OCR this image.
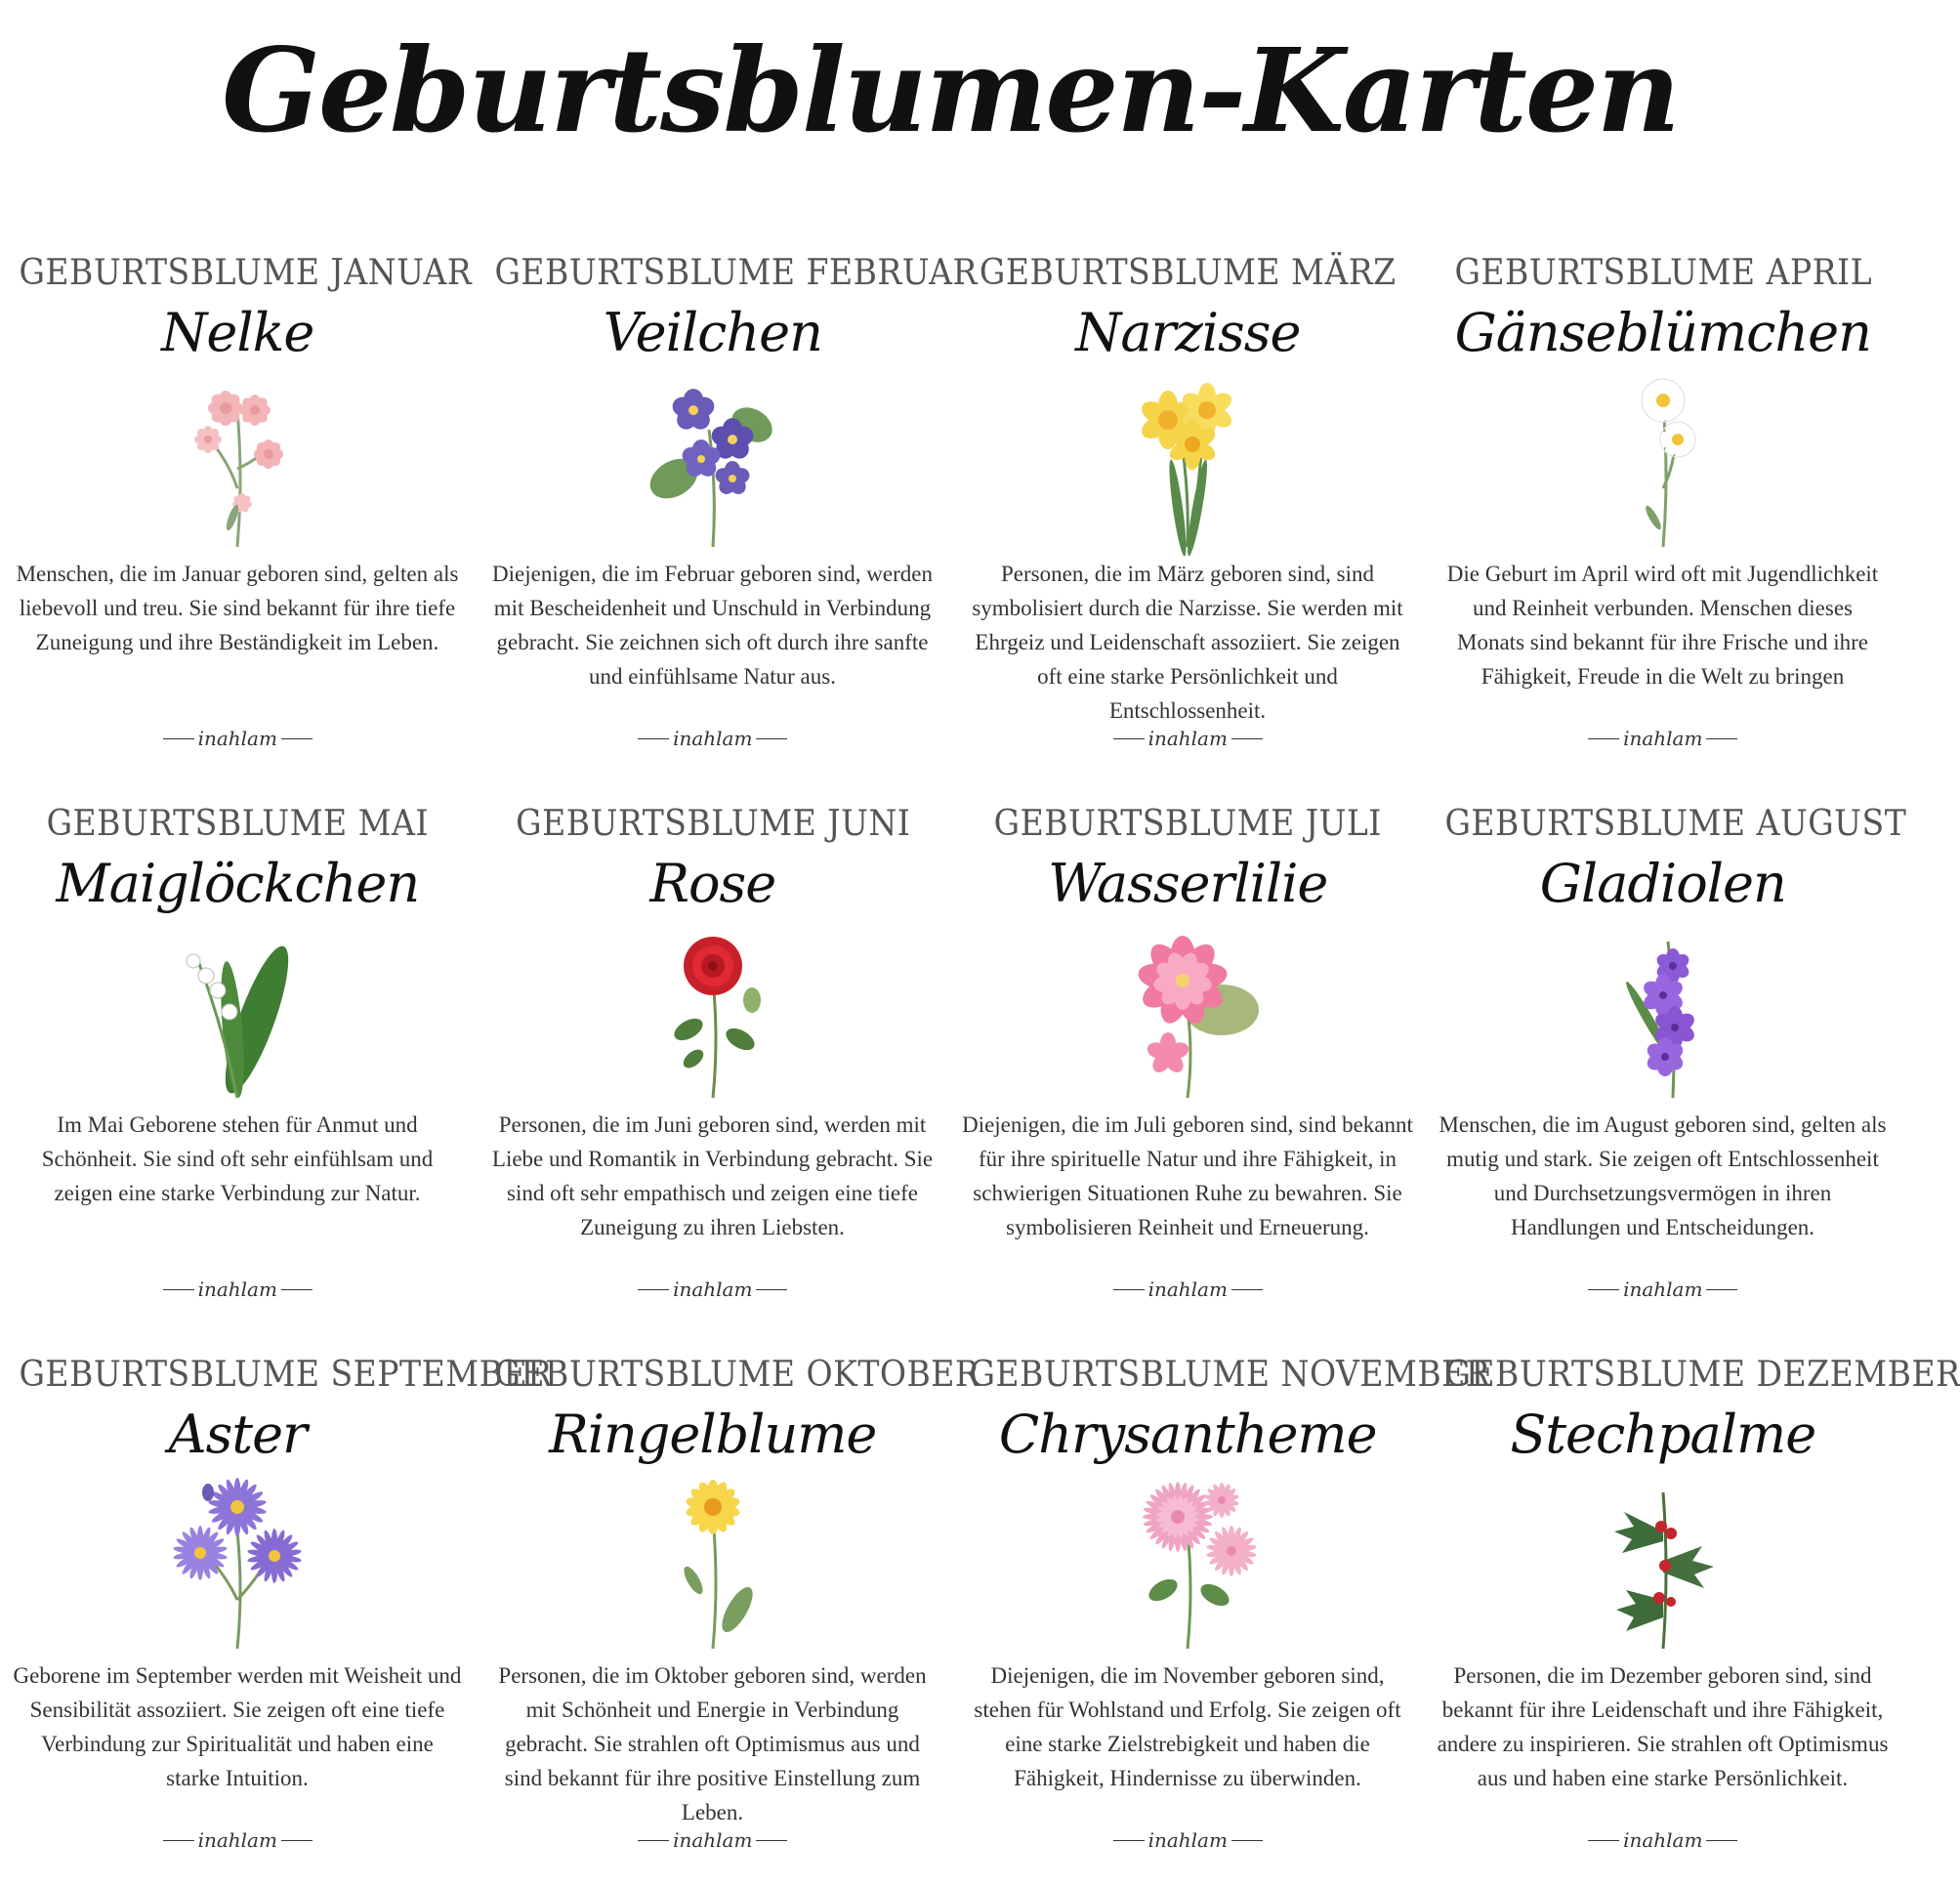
Geburtsblumen-Karten
GEBURTSBLUME JANUAR
Nelke

Menschen, die im Januar geboren sind, gelten als liebevoll und treu. Sie sind bekannt für ihre tiefe Zuneigung und ihre Beständigkeit im Leben.

inahlam
GEBURTSBLUME FEBRUAR
Veilchen

Diejenigen, die im Februar geboren sind, werden mit Bescheidenheit und Unschuld in Verbindung gebracht. Sie zeichnen sich oft durch ihre sanfte und einfühlsame Natur aus.

inahlam
GEBURTSBLUME MÄRZ
Narzisse

Personen, die im März geboren sind, sind symbolisiert durch die Narzisse. Sie werden mit Ehrgeiz und Leidenschaft assoziiert. Sie zeigen oft eine starke Persönlichkeit und Entschlossenheit.

inahlam
GEBURTSBLUME APRIL
Gänseblümchen

Die Geburt im April wird oft mit Jugendlichkeit und Reinheit verbunden. Menschen dieses Monats sind bekannt für ihre Frische und ihre Fähigkeit, Freude in die Welt zu bringen

inahlam
GEBURTSBLUME MAI
Maiglöckchen

Im Mai Geborene stehen für Anmut und Schönheit. Sie sind oft sehr einfühlsam und zeigen eine starke Verbindung zur Natur.

inahlam
GEBURTSBLUME JUNI
Rose

Personen, die im Juni geboren sind, werden mit Liebe und Romantik in Verbindung gebracht. Sie sind oft sehr empathisch und zeigen eine tiefe Zuneigung zu ihren Liebsten.

inahlam
GEBURTSBLUME JULI
Wasserlilie

Diejenigen, die im Juli geboren sind, sind bekannt für ihre spirituelle Natur und ihre Fähigkeit, in schwierigen Situationen Ruhe zu bewahren. Sie symbolisieren Reinheit und Erneuerung.

inahlam
GEBURTSBLUME AUGUST
Gladiolen

Menschen, die im August geboren sind, gelten als mutig und stark. Sie zeigen oft Entschlossenheit und Durchsetzungsvermögen in ihren Handlungen und Entscheidungen.

inahlam
GEBURTSBLUME SEPTEMBER
Aster

Geborene im September werden mit Weisheit und Sensibilität assoziiert. Sie zeigen oft eine tiefe Verbindung zur Spiritualität und haben eine starke Intuition.

inahlam
GEBURTSBLUME OKTOBER
Ringelblume

Personen, die im Oktober geboren sind, werden mit Schönheit und Energie in Verbindung gebracht. Sie strahlen oft Optimismus aus und sind bekannt für ihre positive Einstellung zum Leben.

inahlam
GEBURTSBLUME NOVEMBER
Chrysantheme

Diejenigen, die im November geboren sind, stehen für Wohlstand und Erfolg. Sie zeigen oft eine starke Zielstrebigkeit und haben die Fähigkeit, Hindernisse zu überwinden.

inahlam
GEBURTSBLUME DEZEMBER
Stechpalme

Personen, die im Dezember geboren sind, sind bekannt für ihre Leidenschaft und ihre Fähigkeit, andere zu inspirieren. Sie strahlen oft Optimismus aus und haben eine starke Persönlichkeit.

inahlam
